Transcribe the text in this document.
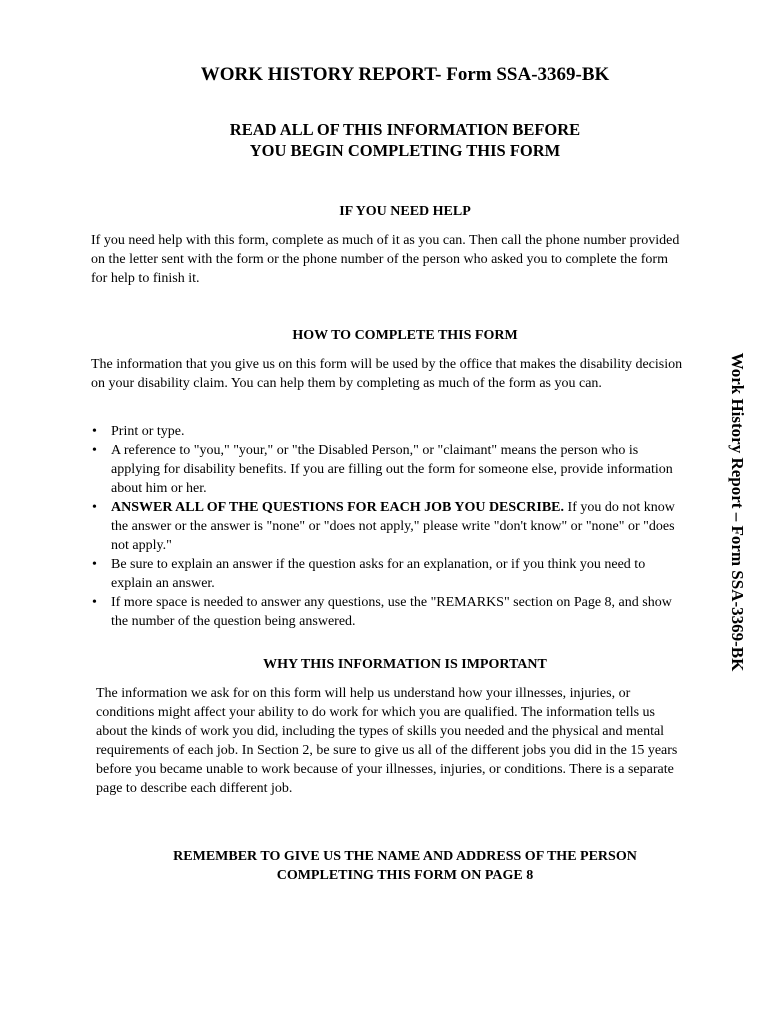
WORK HISTORY REPORT- Form SSA-3369-BK
READ ALL OF THIS INFORMATION BEFORE
YOU BEGIN COMPLETING THIS FORM
IF YOU NEED HELP

If you need help with this form, complete as much of it as you can. Then call the phone number provided on the letter sent with the form or the phone number of the person who asked you to complete the form for help to finish it.

HOW TO COMPLETE THIS FORM

The information that you give us on this form will be used by the office that makes the disability decision on your disability claim. You can help them by completing as much of the form as you can.

• Print or type.
• A reference to "you," "your," or "the Disabled Person," or "claimant" means the person who is applying for disability benefits. If you are filling out the form for someone else, provide information about him or her.
• ANSWER ALL OF THE QUESTIONS FOR EACH JOB YOU DESCRIBE. If you do not know the answer or the answer is "none" or "does not apply," please write "don't know" or "none" or "does not apply."
• Be sure to explain an answer if the question asks for an explanation, or if you think you need to explain an answer.
• If more space is needed to answer any questions, use the "REMARKS" section on Page 8, and show the number of the question being answered.
WHY THIS INFORMATION IS IMPORTANT

The information we ask for on this form will help us understand how your illnesses, injuries, or conditions might affect your ability to do work for which you are qualified. The information tells us about the kinds of work you did, including the types of skills you needed and the physical and mental requirements of each job. In Section 2, be sure to give us all of the different jobs you did in the 15 years before you became unable to work because of your illnesses, injuries, or conditions. There is a separate page to describe each different job.

REMEMBER TO GIVE US THE NAME AND ADDRESS OF THE PERSON
COMPLETING THIS FORM ON PAGE 8
Work History Report – Form SSA-3369-BK
